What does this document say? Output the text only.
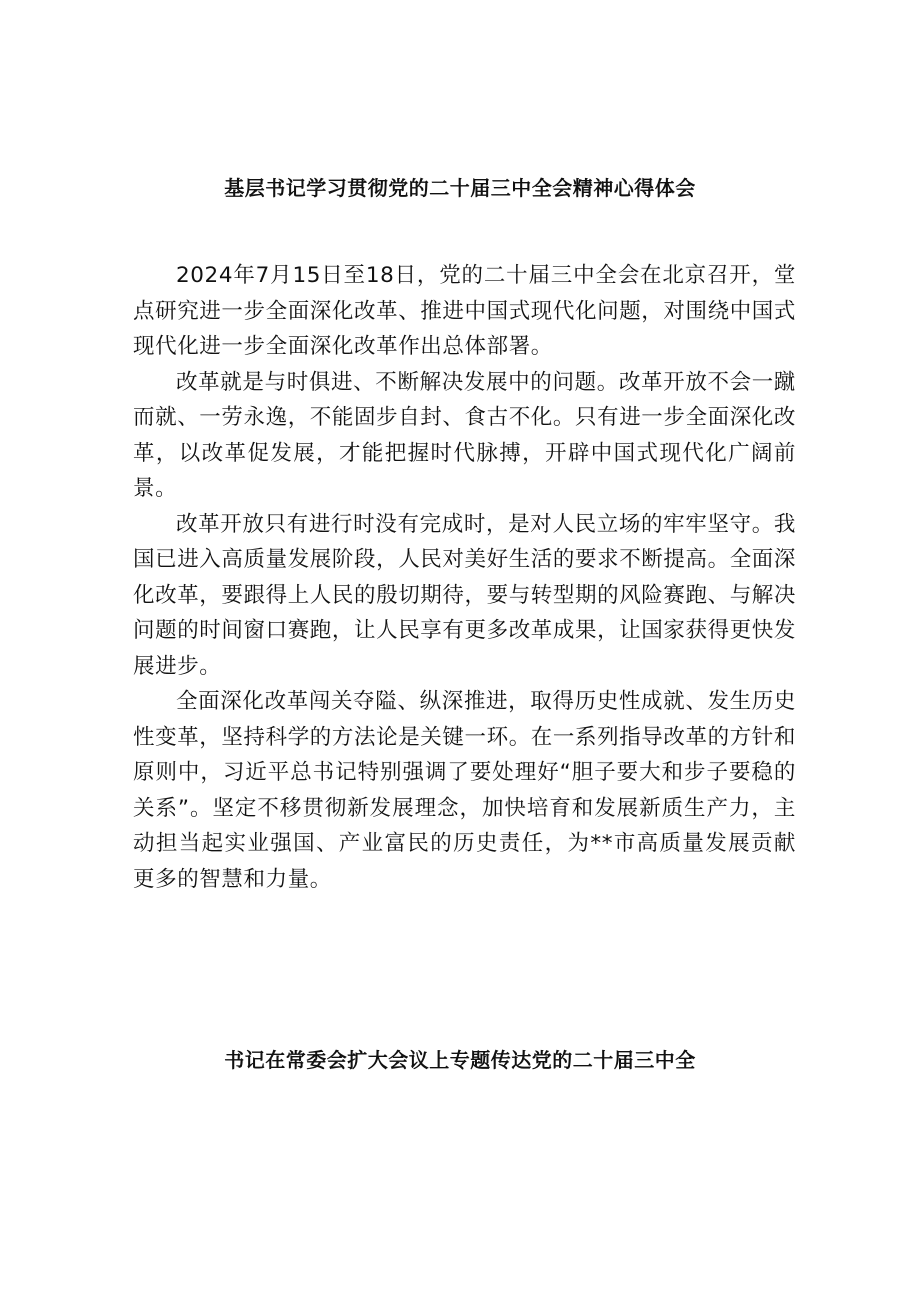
基层书记学习贯彻党的二十届三中全会精神心得体会

2024年7月15日至18日，党的二十届三中全会在北京召开，堂点研究进一步全面深化改革、推进中国式现代化问题，对围绕中国式现代化进一步全面深化改革作出总体部署。

改革就是与时俱进、不断解决发展中的问题。改革开放不会一蹴而就、一劳永逸，不能固步自封、食古不化。只有进一步全面深化改革，以改革促发展，才能把握时代脉搏，开辟中国式现代化广阔前景。

改革开放只有进行时没有完成时，是对人民立场的牢牢坚守。我国已进入高质量发展阶段，人民对美好生活的要求不断提高。全面深化改革，要跟得上人民的殷切期待，要与转型期的风险赛跑、与解决问题的时间窗口赛跑，让人民享有更多改革成果，让国家获得更快发展进步。

全面深化改革闯关夺隘、纵深推进，取得历史性成就、发生历史性变革，坚持科学的方法论是关键一环。在一系列指导改革的方针和原则中，习近平总书记特别强调了要处理好“胆子要大和步子要稳的关系”。坚定不移贯彻新发展理念，加快培育和发展新质生产力，主动担当起实业强国、产业富民的历史责任，为**市高质量发展贡献更多的智慧和力量。

书记在常委会扩大会议上专题传达党的二十届三中全
